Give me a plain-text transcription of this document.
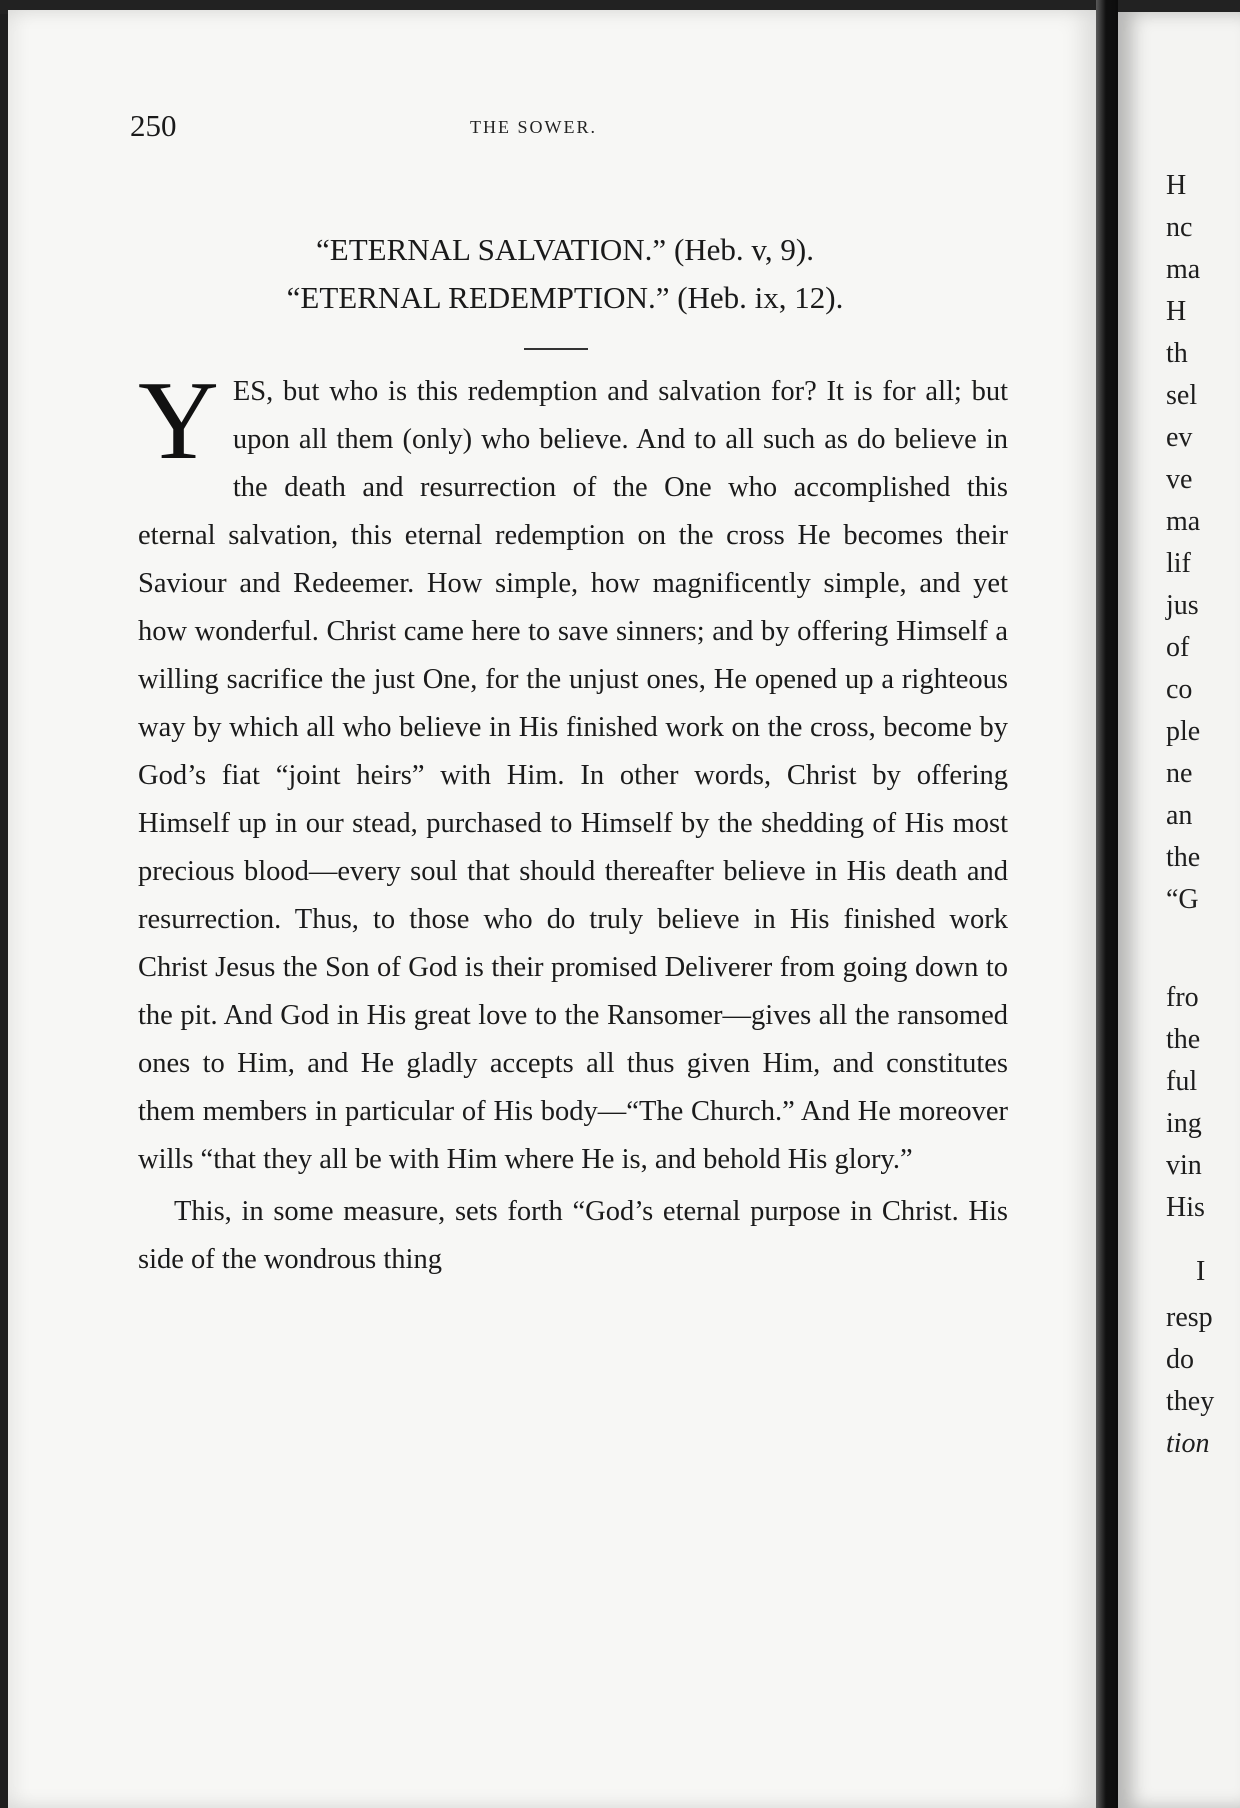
250	THE SOWER.
“ETERNAL SALVATION.” (Heb. v, 9).
“ETERNAL REDEMPTION.” (Heb. ix, 12).

Y ES, but who is this redemption and salvation for? It is for all; but upon all them (only) who believe. And to all such as do believe in the death and resurrection of the One who accomplished this eternal salvation, this eternal redemption on the cross He becomes their Saviour and Redeemer. How simple, how magnificently simple, and yet how wonderful. Christ came here to save sinners; and by offering Himself a willing sacrifice the just One, for the unjust ones, He opened up a righteous way by which all who believe in His finished work on the cross, become by God’s fiat “joint heirs” with Him. In other words, Christ by offering Himself up in our stead, purchased to Himself by the shedding of His most precious blood—every soul that should thereafter believe in His death and resurrection. Thus, to those who do truly believe in His finished work Christ Jesus the Son of God is their promised Deliverer from going down to the pit. And God in His great love to the Ransomer—gives all the ransomed ones to Him, and He gladly accepts all thus given Him, and constitutes them members in particular of His body—“The Church.” And He moreover wills “that they all be with Him where He is, and behold His glory.”

This, in some measure, sets forth “God’s eternal purpose in Christ. His side of the wondrous thing

H
nc
ma
H
th
sel
ev
ve
ma
lif
jus
of
co
ple
ne
an
the
“G
fro
the
ful
ing
vin
His
I
resp
do
they
tion
